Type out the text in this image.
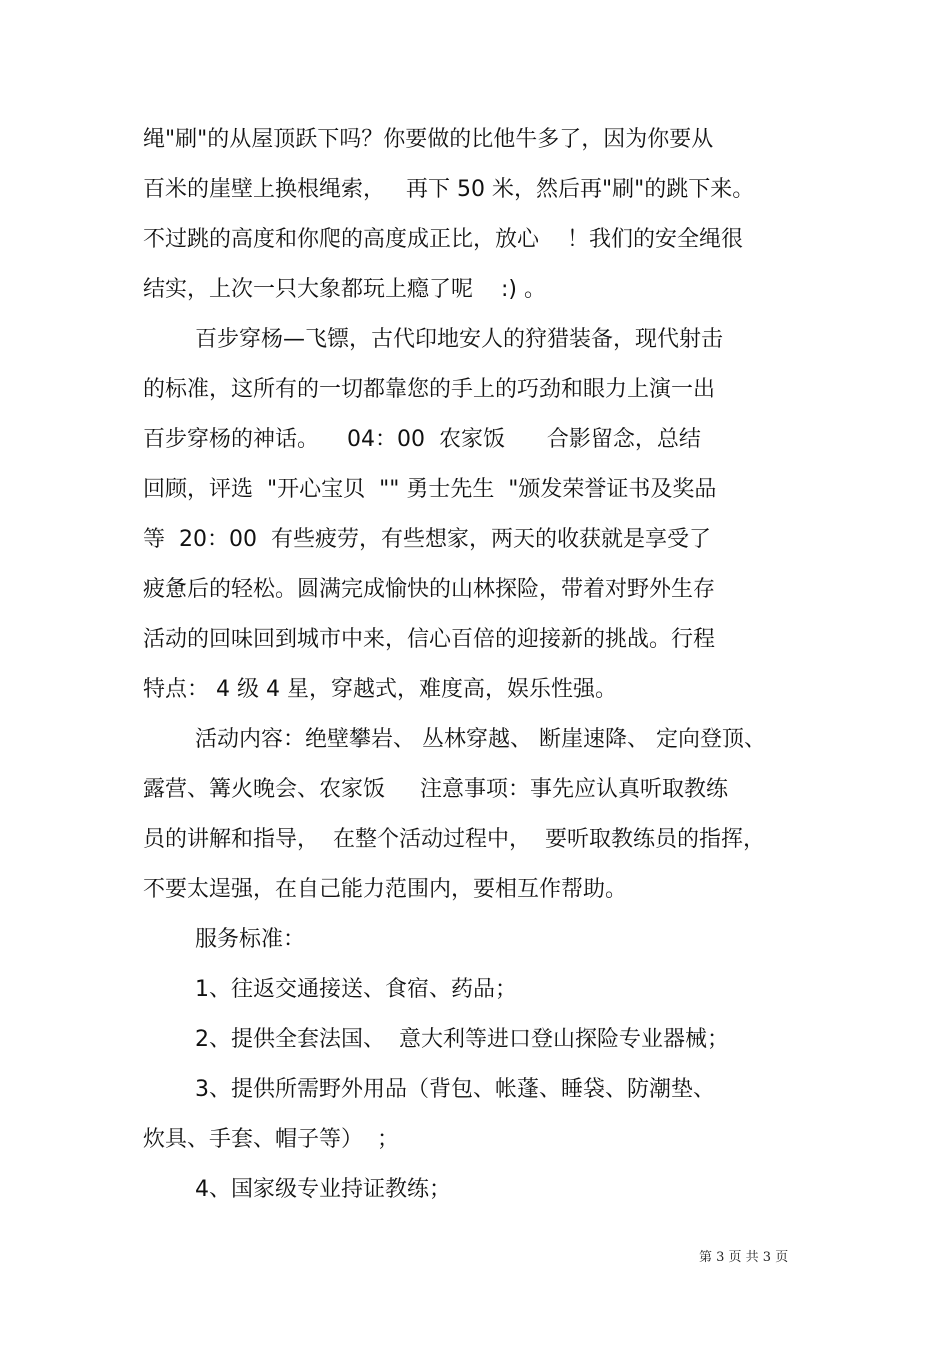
绳"刷"的从屋顶跃下吗？你要做的比他牛多了，因为你要从

百米的崖壁上换根绳索，   再下 50 米，然后再"刷"的跳下来。

不过跳的高度和你爬的高度成正比，放心    ！我们的安全绳很

结实，上次一只大象都玩上瘾了呢    :) 。

百步穿杨—飞镖，古代印地安人的狩猎装备，现代射击

的标准，这所有的一切都靠您的手上的巧劲和眼力上演一出

百步穿杨的神话。    04：00  农家饭      合影留念，总结

回顾，评选  "开心宝贝  "" 勇士先生  "颁发荣誉证书及奖品

等  20：00  有些疲劳，有些想家，两天的收获就是享受了

疲惫后的轻松。圆满完成愉快的山林探险，带着对野外生存

活动的回味回到城市中来，信心百倍的迎接新的挑战。行程

特点： 4 级 4 星，穿越式，难度高，娱乐性强。

活动内容：绝壁攀岩、 丛林穿越、 断崖速降、 定向登顶、

露营、篝火晚会、农家饭     注意事项：事先应认真听取教练

员的讲解和指导，  在整个活动过程中，  要听取教练员的指挥，

不要太逞强，在自己能力范围内，要相互作帮助。

服务标准：

1、往返交通接送、食宿、药品；

2、提供全套法国、  意大利等进口登山探险专业器械；

3、提供所需野外用品（背包、帐蓬、睡袋、防潮垫、

炊具、手套、帽子等）  ；

4、国家级专业持证教练；

第 3 页 共 3 页
